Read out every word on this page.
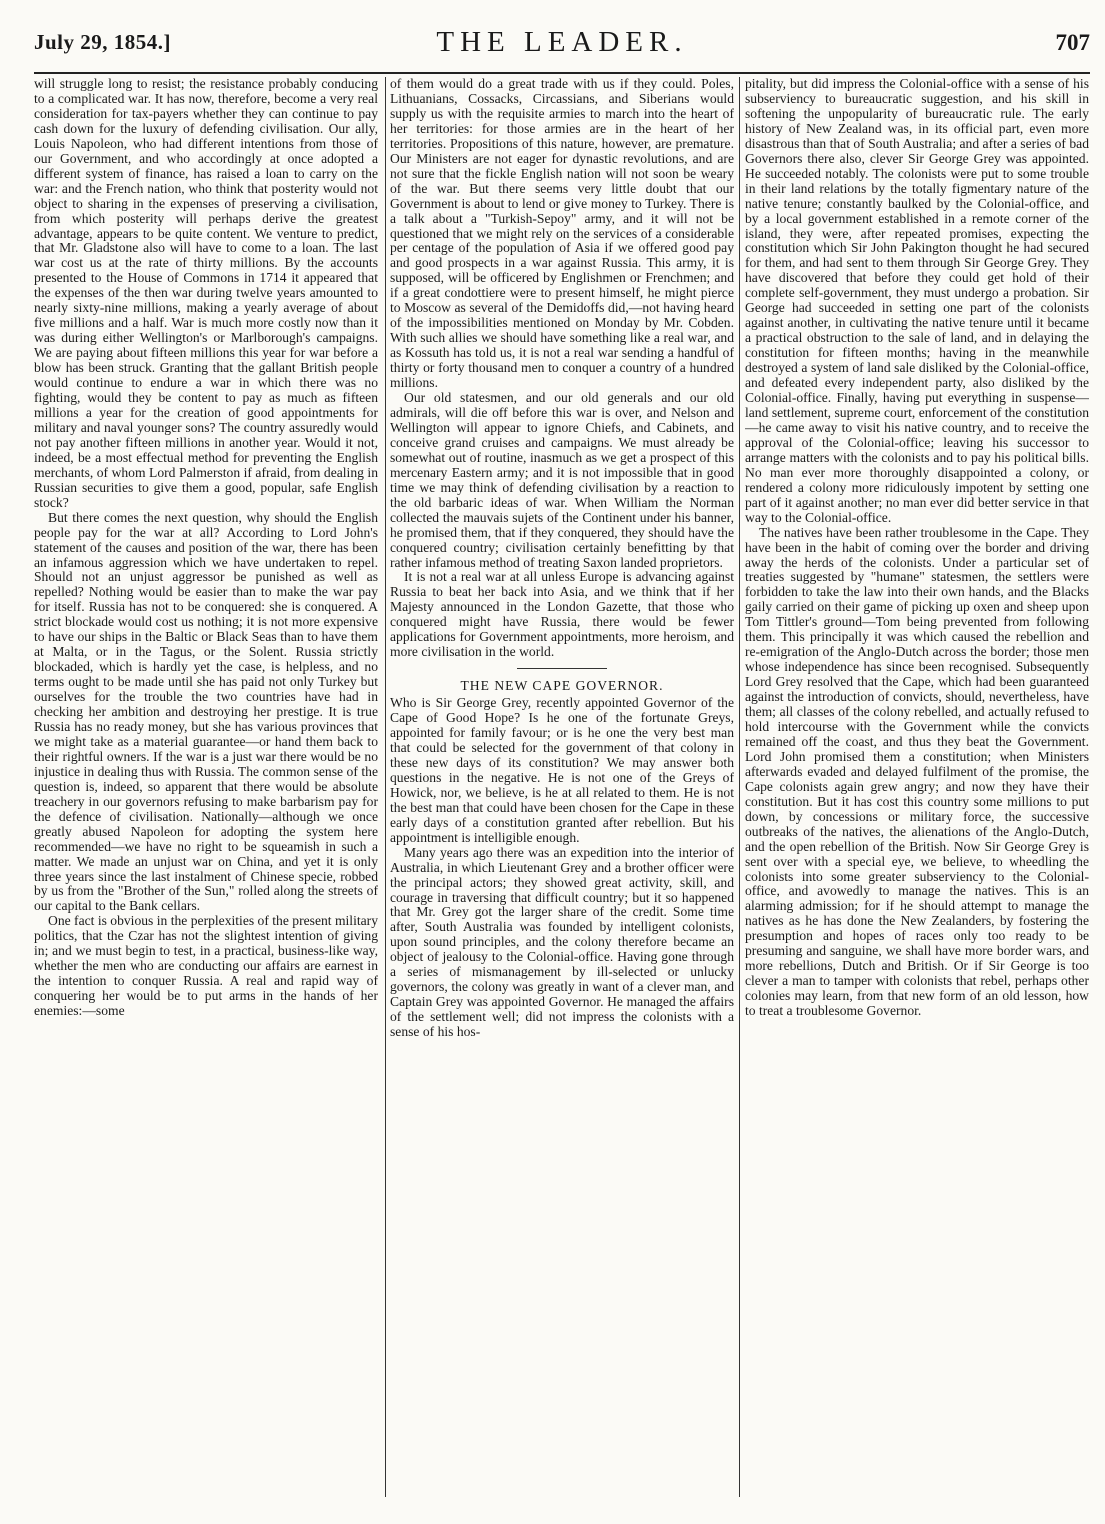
July 29, 1854.]	THE LEADER.	707

will struggle long to resist; the resistance probably conducing to a complicated war. It has now, therefore, become a very real consideration for tax-payers whether they can continue to pay cash down for the luxury of defending civilisation. Our ally, Louis Napoleon, who had different intentions from those of our Government, and who accordingly at once adopted a different system of finance, has raised a loan to carry on the war: and the French nation, who think that posterity would not object to sharing in the expenses of preserving a civilisation, from which posterity will perhaps derive the greatest advantage, appears to be quite content. We venture to predict, that Mr. Gladstone also will have to come to a loan. The last war cost us at the rate of thirty millions. By the accounts presented to the House of Commons in 1714 it appeared that the expenses of the then war during twelve years amounted to nearly sixty-nine millions, making a yearly average of about five millions and a half. War is much more costly now than it was during either Wellington's or Marlborough's campaigns. We are paying about fifteen millions this year for war before a blow has been struck. Granting that the gallant British people would continue to endure a war in which there was no fighting, would they be content to pay as much as fifteen millions a year for the creation of good appointments for military and naval younger sons? The country assuredly would not pay another fifteen millions in another year. Would it not, indeed, be a most effectual method for preventing the English merchants, of whom Lord Palmerston if afraid, from dealing in Russian securities to give them a good, popular, safe English stock?

But there comes the next question, why should the English people pay for the war at all? According to Lord John's statement of the causes and position of the war, there has been an infamous aggression which we have undertaken to repel. Should not an unjust aggressor be punished as well as repelled? Nothing would be easier than to make the war pay for itself. Russia has not to be conquered: she is conquered. A strict blockade would cost us nothing; it is not more expensive to have our ships in the Baltic or Black Seas than to have them at Malta, or in the Tagus, or the Solent. Russia strictly blockaded, which is hardly yet the case, is helpless, and no terms ought to be made until she has paid not only Turkey but ourselves for the trouble the two countries have had in checking her ambition and destroying her prestige. It is true Russia has no ready money, but she has various provinces that we might take as a material guarantee—or hand them back to their rightful owners. If the war is a just war there would be no injustice in dealing thus with Russia. The common sense of the question is, indeed, so apparent that there would be absolute treachery in our governors refusing to make barbarism pay for the defence of civilisation. Nationally—although we once greatly abused Napoleon for adopting the system here recommended—we have no right to be squeamish in such a matter. We made an unjust war on China, and yet it is only three years since the last instalment of Chinese specie, robbed by us from the "Brother of the Sun," rolled along the streets of our capital to the Bank cellars.

One fact is obvious in the perplexities of the present military politics, that the Czar has not the slightest intention of giving in; and we must begin to test, in a practical, business-like way, whether the men who are conducting our affairs are earnest in the intention to conquer Russia. A real and rapid way of conquering her would be to put arms in the hands of her enemies:—some

of them would do a great trade with us if they could. Poles, Lithuanians, Cossacks, Circassians, and Siberians would supply us with the requisite armies to march into the heart of her territories: for those armies are in the heart of her territories. Propositions of this nature, however, are premature. Our Ministers are not eager for dynastic revolutions, and are not sure that the fickle English nation will not soon be weary of the war. But there seems very little doubt that our Government is about to lend or give money to Turkey. There is a talk about a "Turkish-Sepoy" army, and it will not be questioned that we might rely on the services of a considerable per centage of the population of Asia if we offered good pay and good prospects in a war against Russia. This army, it is supposed, will be officered by Englishmen or Frenchmen; and if a great condottiere were to present himself, he might pierce to Moscow as several of the Demidoffs did,—not having heard of the impossibilities mentioned on Monday by Mr. Cobden. With such allies we should have something like a real war, and as Kossuth has told us, it is not a real war sending a handful of thirty or forty thousand men to conquer a country of a hundred millions.

Our old statesmen, and our old generals and our old admirals, will die off before this war is over, and Nelson and Wellington will appear to ignore Chiefs, and Cabinets, and conceive grand cruises and campaigns. We must already be somewhat out of routine, inasmuch as we get a prospect of this mercenary Eastern army; and it is not impossible that in good time we may think of defending civilisation by a reaction to the old barbaric ideas of war. When William the Norman collected the mauvais sujets of the Continent under his banner, he promised them, that if they conquered, they should have the conquered country; civilisation certainly benefitting by that rather infamous method of treating Saxon landed proprietors.

It is not a real war at all unless Europe is advancing against Russia to beat her back into Asia, and we think that if her Majesty announced in the London Gazette, that those who conquered might have Russia, there would be fewer applications for Government appointments, more heroism, and more civilisation in the world.

THE NEW CAPE GOVERNOR.

Who is Sir George Grey, recently appointed Governor of the Cape of Good Hope? Is he one of the fortunate Greys, appointed for family favour; or is he one the very best man that could be selected for the government of that colony in these new days of its constitution? We may answer both questions in the negative. He is not one of the Greys of Howick, nor, we believe, is he at all related to them. He is not the best man that could have been chosen for the Cape in these early days of a constitution granted after rebellion. But his appointment is intelligible enough.

Many years ago there was an expedition into the interior of Australia, in which Lieutenant Grey and a brother officer were the principal actors; they showed great activity, skill, and courage in traversing that difficult country; but it so happened that Mr. Grey got the larger share of the credit. Some time after, South Australia was founded by intelligent colonists, upon sound principles, and the colony therefore became an object of jealousy to the Colonial-office. Having gone through a series of mismanagement by ill-selected or unlucky governors, the colony was greatly in want of a clever man, and Captain Grey was appointed Governor. He managed the affairs of the settlement well; did not impress the colonists with a sense of his hos-

pitality, but did impress the Colonial-office with a sense of his subserviency to bureaucratic suggestion, and his skill in softening the unpopularity of bureaucratic rule. The early history of New Zealand was, in its official part, even more disastrous than that of South Australia; and after a series of bad Governors there also, clever Sir George Grey was appointed. He succeeded notably. The colonists were put to some trouble in their land relations by the totally figmentary nature of the native tenure; constantly baulked by the Colonial-office, and by a local government established in a remote corner of the island, they were, after repeated promises, expecting the constitution which Sir John Pakington thought he had secured for them, and had sent to them through Sir George Grey. They have discovered that before they could get hold of their complete self-government, they must undergo a probation. Sir George had succeeded in setting one part of the colonists against another, in cultivating the native tenure until it became a practical obstruction to the sale of land, and in delaying the constitution for fifteen months; having in the meanwhile destroyed a system of land sale disliked by the Colonial-office, and defeated every independent party, also disliked by the Colonial-office. Finally, having put everything in suspense—land settlement, supreme court, enforcement of the constitution—he came away to visit his native country, and to receive the approval of the Colonial-office; leaving his successor to arrange matters with the colonists and to pay his political bills. No man ever more thoroughly disappointed a colony, or rendered a colony more ridiculously impotent by setting one part of it against another; no man ever did better service in that way to the Colonial-office.

The natives have been rather troublesome in the Cape. They have been in the habit of coming over the border and driving away the herds of the colonists. Under a particular set of treaties suggested by "humane" statesmen, the settlers were forbidden to take the law into their own hands, and the Blacks gaily carried on their game of picking up oxen and sheep upon Tom Tittler's ground—Tom being prevented from following them. This principally it was which caused the rebellion and re-emigration of the Anglo-Dutch across the border; those men whose independence has since been recognised. Subsequently Lord Grey resolved that the Cape, which had been guaranteed against the introduction of convicts, should, nevertheless, have them; all classes of the colony rebelled, and actually refused to hold intercourse with the Government while the convicts remained off the coast, and thus they beat the Government. Lord John promised them a constitution; when Ministers afterwards evaded and delayed fulfilment of the promise, the Cape colonists again grew angry; and now they have their constitution. But it has cost this country some millions to put down, by concessions or military force, the successive outbreaks of the natives, the alienations of the Anglo-Dutch, and the open rebellion of the British. Now Sir George Grey is sent over with a special eye, we believe, to wheedling the colonists into some greater subserviency to the Colonial-office, and avowedly to manage the natives. This is an alarming admission; for if he should attempt to manage the natives as he has done the New Zealanders, by fostering the presumption and hopes of races only too ready to be presuming and sanguine, we shall have more border wars, and more rebellions, Dutch and British. Or if Sir George is too clever a man to tamper with colonists that rebel, perhaps other colonies may learn, from that new form of an old lesson, how to treat a troublesome Governor.
